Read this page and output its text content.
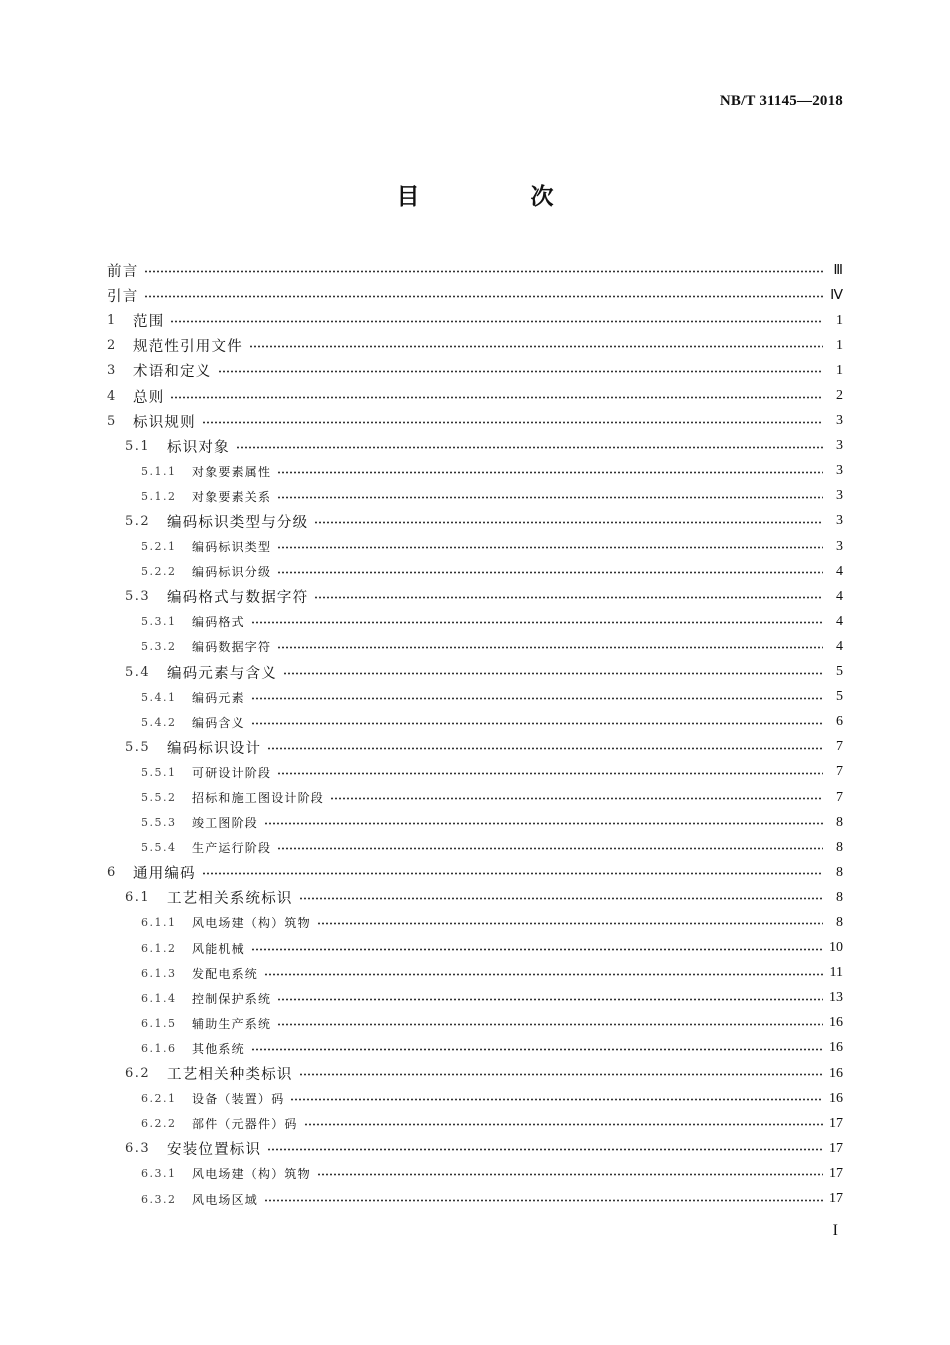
NB/T 31145—2018
目　次
前言	Ⅲ
引言	Ⅳ
1	范围	1
2	规范性引用文件	1
3	术语和定义	1
4	总则	2
5	标识规则	3
5.1	标识对象	3
5.1.1	对象要素属性	3
5.1.2	对象要素关系	3
5.2	编码标识类型与分级	3
5.2.1	编码标识类型	3
5.2.2	编码标识分级	4
5.3	编码格式与数据字符	4
5.3.1	编码格式	4
5.3.2	编码数据字符	4
5.4	编码元素与含义	5
5.4.1	编码元素	5
5.4.2	编码含义	6
5.5	编码标识设计	7
5.5.1	可研设计阶段	7
5.5.2	招标和施工图设计阶段	7
5.5.3	竣工图阶段	8
5.5.4	生产运行阶段	8
6	通用编码	8
6.1	工艺相关系统标识	8
6.1.1	风电场建（构）筑物	8
6.1.2	风能机械	10
6.1.3	发配电系统	11
6.1.4	控制保护系统	13
6.1.5	辅助生产系统	16
6.1.6	其他系统	16
6.2	工艺相关种类标识	16
6.2.1	设备（装置）码	16
6.2.2	部件（元器件）码	17
6.3	安装位置标识	17
6.3.1	风电场建（构）筑物	17
6.3.2	风电场区域	17
I
